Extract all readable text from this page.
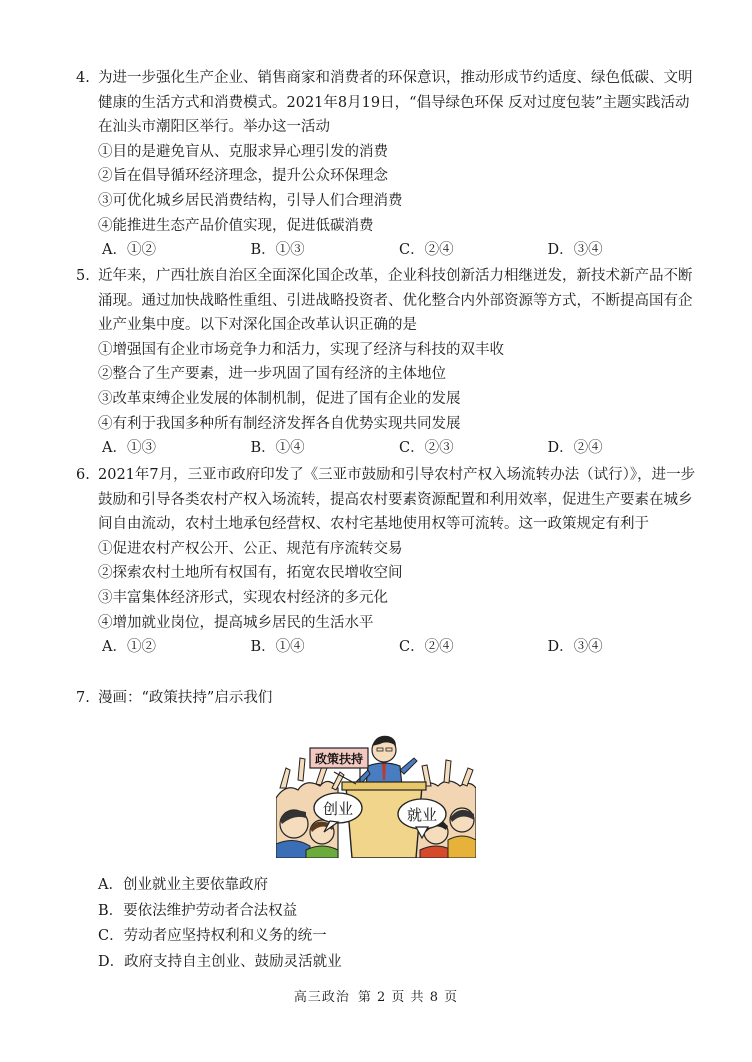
4. 为进一步强化生产企业、销售商家和消费者的环保意识，推动形成节约适度、绿色低碳、文明健康的生活方式和消费模式。2021年8月19日，“倡导绿色环保 反对过度包装”主题实践活动在汕头市潮阳区举行。举办这一活动

①目的是避免盲从、克服求异心理引发的消费

②旨在倡导循环经济理念，提升公众环保理念

③可优化城乡居民消费结构，引导人们合理消费

④能推进生态产品价值实现，促进低碳消费

A．①②	B．①③	C．②④	D．③④

5. 近年来，广西壮族自治区全面深化国企改革，企业科技创新活力相继迸发，新技术新产品不断涌现。通过加快战略性重组、引进战略投资者、优化整合内外部资源等方式，不断提高国有企业产业集中度。以下对深化国企改革认识正确的是

①增强国有企业市场竞争力和活力，实现了经济与科技的双丰收

②整合了生产要素，进一步巩固了国有经济的主体地位

③改革束缚企业发展的体制机制，促进了国有企业的发展

④有利于我国多种所有制经济发挥各自优势实现共同发展

A．①③	B．①④	C．②③	D．②④

6. 2021年7月，三亚市政府印发了《三亚市鼓励和引导农村产权入场流转办法（试行）》，进一步鼓励和引导各类农村产权入场流转，提高农村要素资源配置和利用效率，促进生产要素在城乡间自由流动，农村土地承包经营权、农村宅基地使用权等可流转。这一政策规定有利于

①促进农村产权公开、公正、规范有序流转交易

②探索农村土地所有权国有，拓宽农民增收空间

③丰富集体经济形式，实现农村经济的多元化

④增加就业岗位，提高城乡居民的生活水平

A．①②	B．①④	C．②④	D．③④

7. 漫画：“政策扶持”启示我们

政策扶持
创业	就业

A．创业就业主要依靠政府

B．要依法维护劳动者合法权益

C．劳动者应坚持权利和义务的统一

D．政府支持自主创业、鼓励灵活就业

高三政治 第 2 页 共 8 页
